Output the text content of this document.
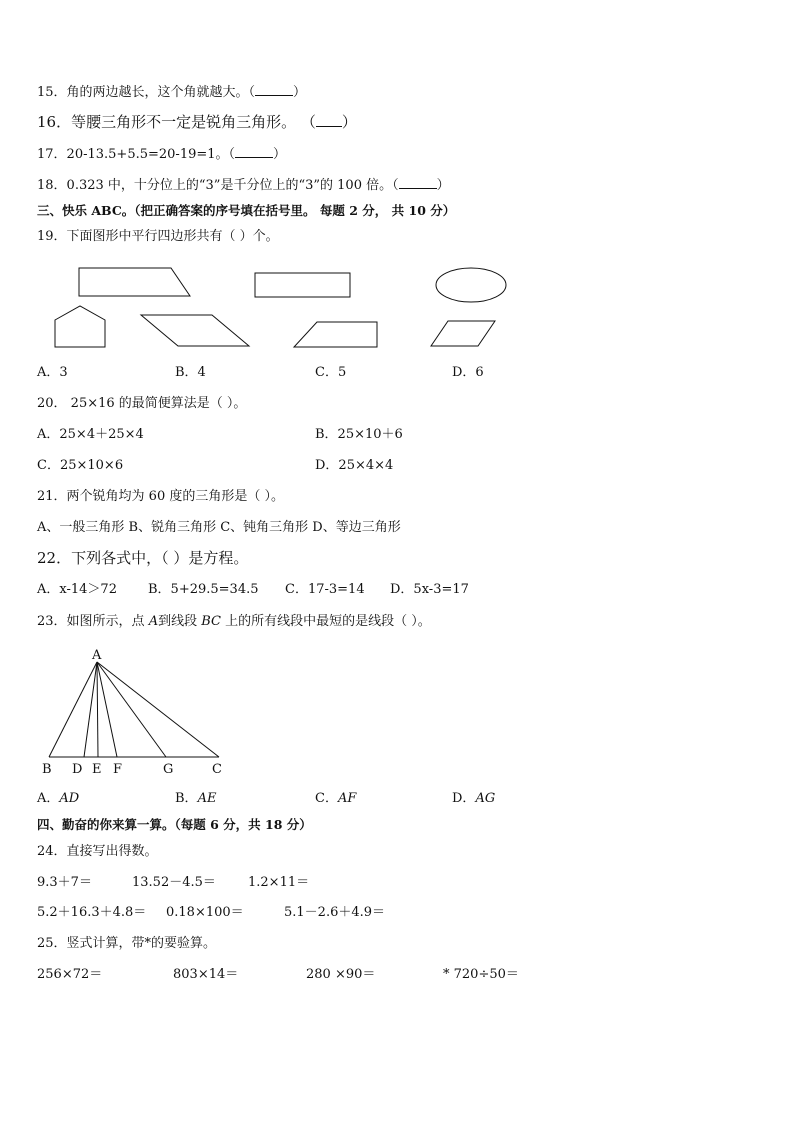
15．角的两边越长，这个角就越大。（	）
16．等腰三角形不一定是锐角三角形。 （ ）
17．20-13.5+5.5=20-19=1。（	）
18．0.323 中，十分位上的“3”是千分位上的“3”的 100 倍。（	）
三、快乐 ABC。（把正确答案的序号填在括号里。 每题 2 分， 共 10 分）
19．下面图形中平行四边形共有（ ）个。
A．3	B．4	C．5	D．6
20． 25×16 的最简便算法是（ ）。
A．25×4＋25×4	B．25×10＋6
C．25×10×6	D．25×4×4
21．两个锐角均为 60 度的三角形是（ ）。
A、一般三角形 B、锐角三角形 C、钝角三角形 D、等边三角形
22．下列各式中，（ ）是方程。
A．x-14＞72 B．5+29.5=34.5 C．17-3=14 D．5x-3=17
23．如图所示，点 A到线段 BC 上的所有线段中最短的是线段（ ）。
A
B D E F	G	C
A．AD	B．AE	C．AF	D．AG
四、勤奋的你来算一算。（每题 6 分，共 18 分）
24．直接写出得数。
9.3＋7＝	13.52－4.5＝ 1.2×11＝
5.2＋16.3＋4.8＝ 0.18×100＝	5.1－2.6＋4.9＝
25．竖式计算，带*的要验算。
256×72＝	803×14＝	280 ×90＝	* 720÷50＝
